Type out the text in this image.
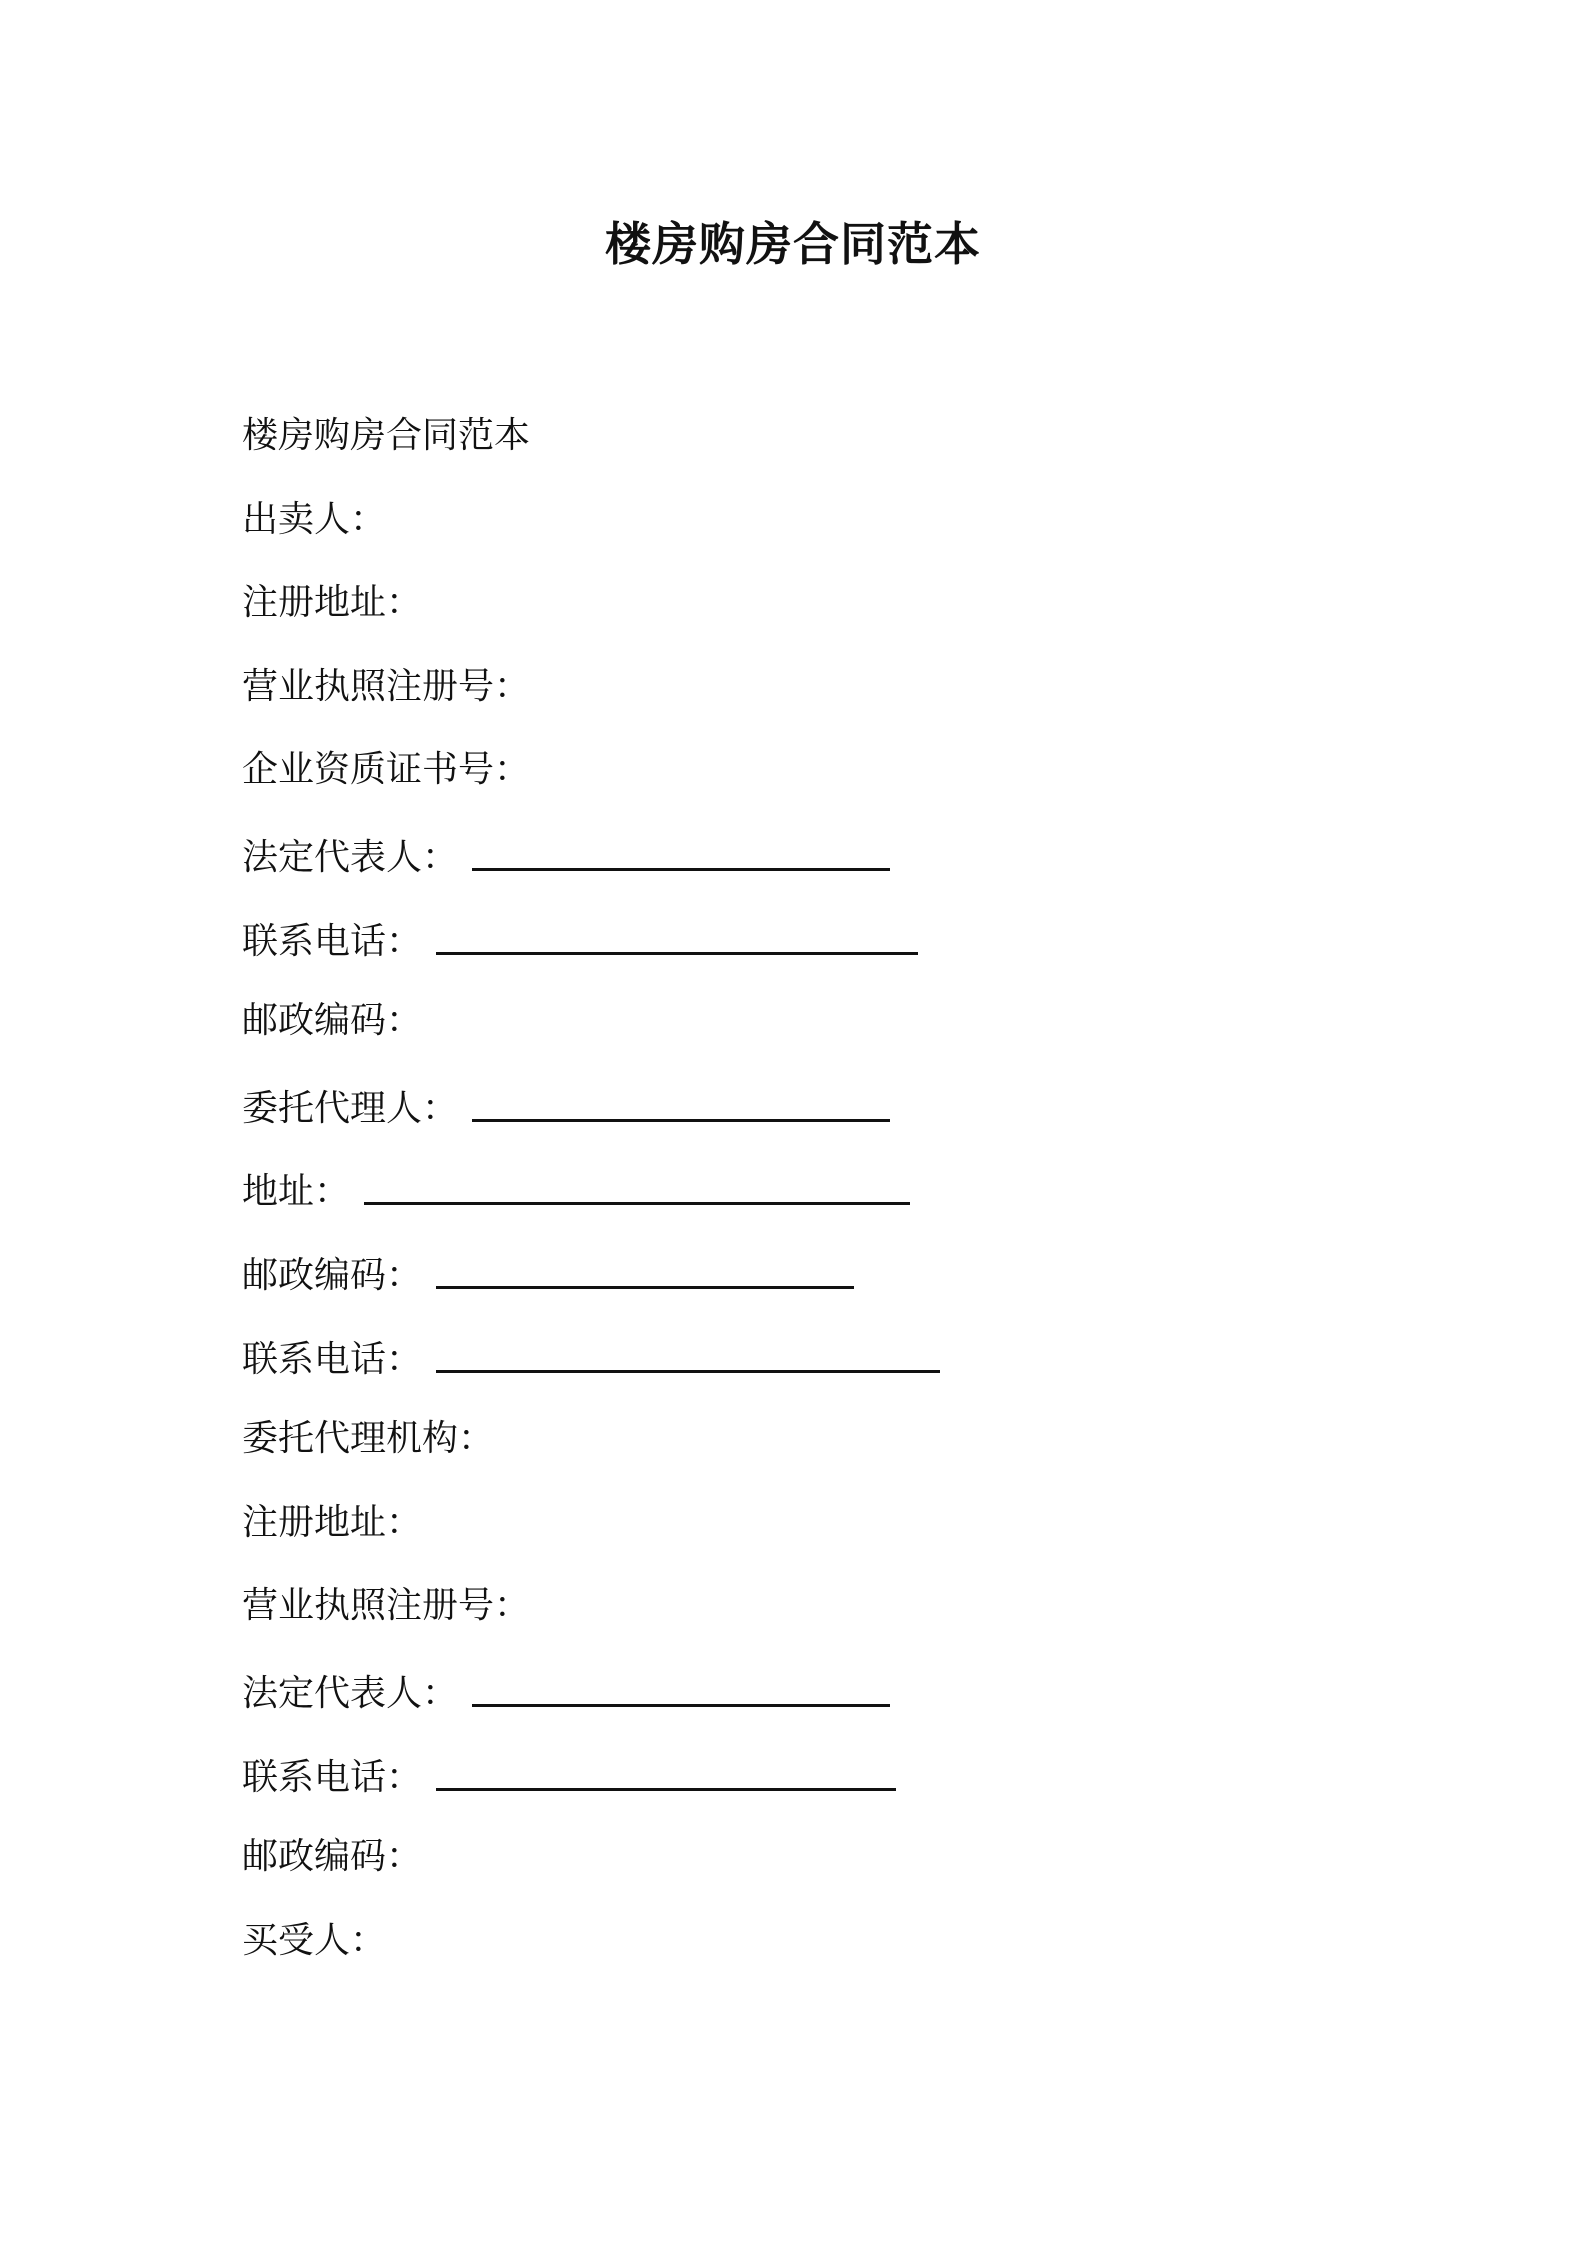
楼房购房合同范本
楼房购房合同范本
出卖人：
注册地址：
营业执照注册号：
企业资质证书号：
法定代表人：
联系电话：
邮政编码：
委托代理人：
地址：
邮政编码：
联系电话：
委托代理机构：
注册地址：
营业执照注册号：
法定代表人：
联系电话：
邮政编码：
买受人：
